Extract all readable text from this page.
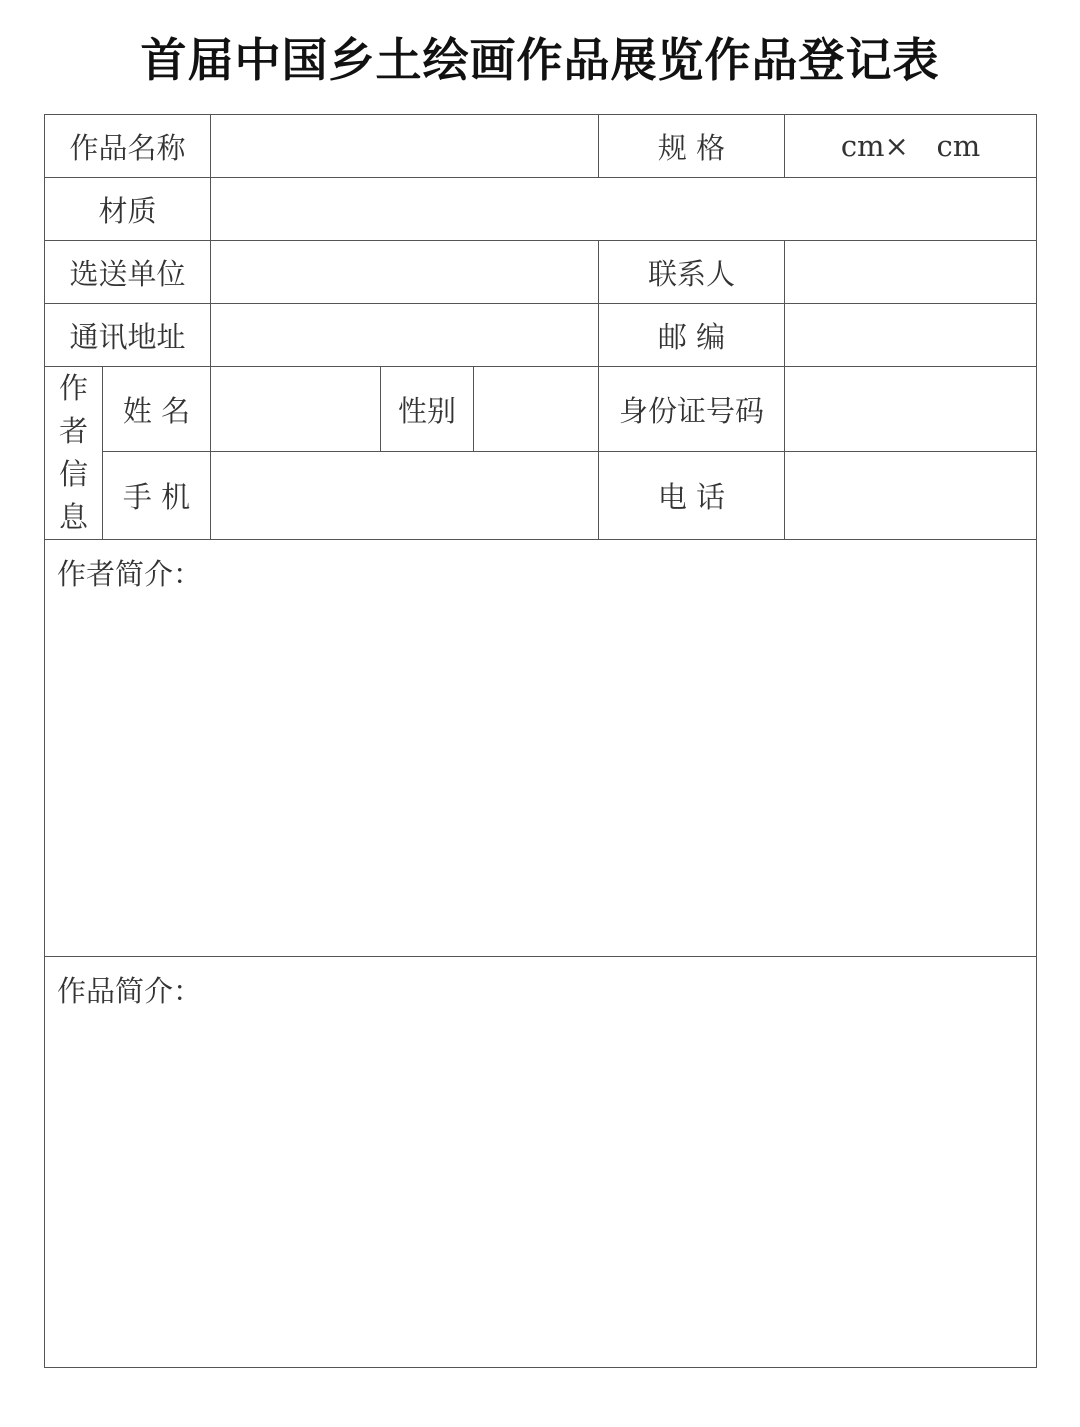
首届中国乡土绘画作品展览作品登记表
作品名称					规 格	cm×   cm
材质						
选送单位					联系人	
通讯地址					邮 编	

作
者
信
息	姓 名		性别		身份证号码	
	手 机				电 话	

作者简介：						

作品简介：						
